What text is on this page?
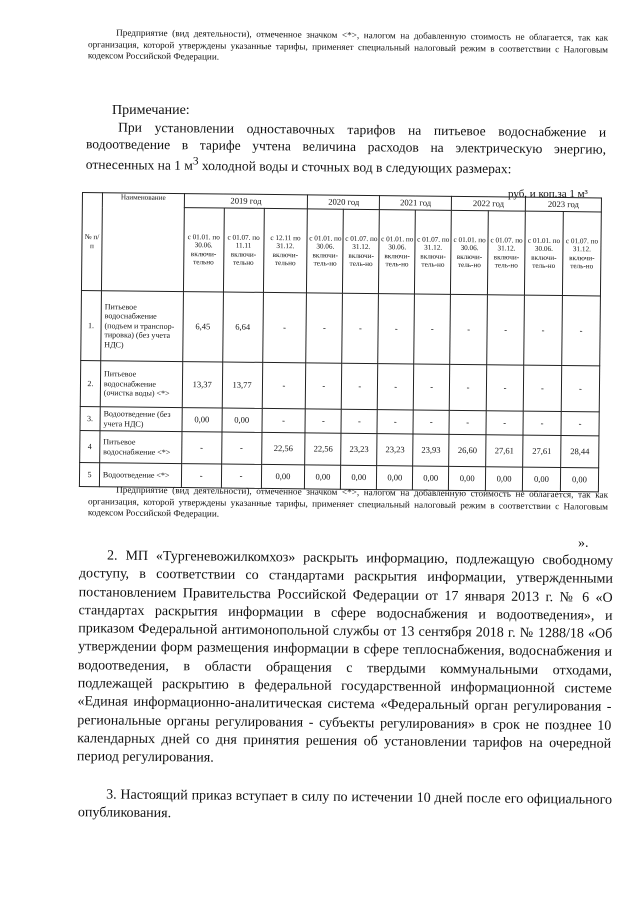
Предприятие (вид деятельности), отмеченное значком <*>, налогом на добавленную стоимость не облагается, так как организация, которой утверждены указанные тарифы, применяет специальный налоговый режим в соответствии с Налоговым кодексом Российской Федерации.
Примечание:
При установлении одноставочных тарифов на питьевое водоснабжение и водоотведение в тарифе учтена величина расходов на электрическую энергию, отнесенных на 1 $м^3$ холодной воды и сточных вод в следующих размерах:
руб. и коп.за 1 м³
№ п/п	Наименование	2019 год			2020 год		2021 год		2022 год		2023 год	
		с 01.01. по 30.06. включи-тельно	с 01.07. по 11.11 включи-тельно	с 12.11 по 31.12. включи-тельно	с 01.01. по 30.06. включи-тель-но	с 01.07. по 31.12. включи-тель-но	с 01.01. по 30.06. включи-тель-но	с 01.07. по 31.12. включи-тель-но	с 01.01. по 30.06. включи-тель-но	с 01.07. по 31.12. включи-тель-но	с 01.01. по 30.06. включи-тель-но	с 01.07. по 31.12. включи-тель-но
1.	Питьевое водоснабжение (подъем и транспор-тировка) (без учета НДС)	6,45	6,64	-	-	-	-	-	-	-	-	-
2.	Питьевое водоснабжение (очистка воды) <*>	13,37	13,77	-	-	-	-	-	-	-	-	-
3.	Водоотведение (без учета НДС)	0,00	0,00	-	-	-	-	-	-	-	-	-
4	Питьевое водоснабжение <*>	-	-	22,56	22,56	23,23	23,23	23,93	26,60	27,61	27,61	28,44
5	Водоотведение <*>	-	-	0,00	0,00	0,00	0,00	0,00	0,00	0,00	0,00	0,00
Предприятие (вид деятельности), отмеченное значком <*>, налогом на добавленную стоимость не облагается, так как организация, которой утверждены указанные тарифы, применяет специальный налоговый режим в соответствии с Налоговым кодексом Российской Федерации.
».
2. МП «Тургеневожилкомхоз» раскрыть информацию, подлежащую свободному доступу, в соответствии со стандартами раскрытия информации, утвержденными постановлением Правительства Российской Федерации от 17 января 2013 г. № 6 «О стандартах раскрытия информации в сфере водоснабжения и водоотведения», и приказом Федеральной антимонопольной службы от 13 сентября 2018 г. № 1288/18 «Об утверждении форм размещения информации в сфере теплоснабжения, водоснабжения и водоотведения, в области обращения с твердыми коммунальными отходами, подлежащей раскрытию в федеральной государственной информационной системе «Единая информационно-аналитическая система «Федеральный орган регулирования - региональные органы регулирования - субъекты регулирования» в срок не позднее 10 календарных дней со дня принятия решения об установлении тарифов на очередной период регулирования.
3. Настоящий приказ вступает в силу по истечении 10 дней после его официального опубликования.
